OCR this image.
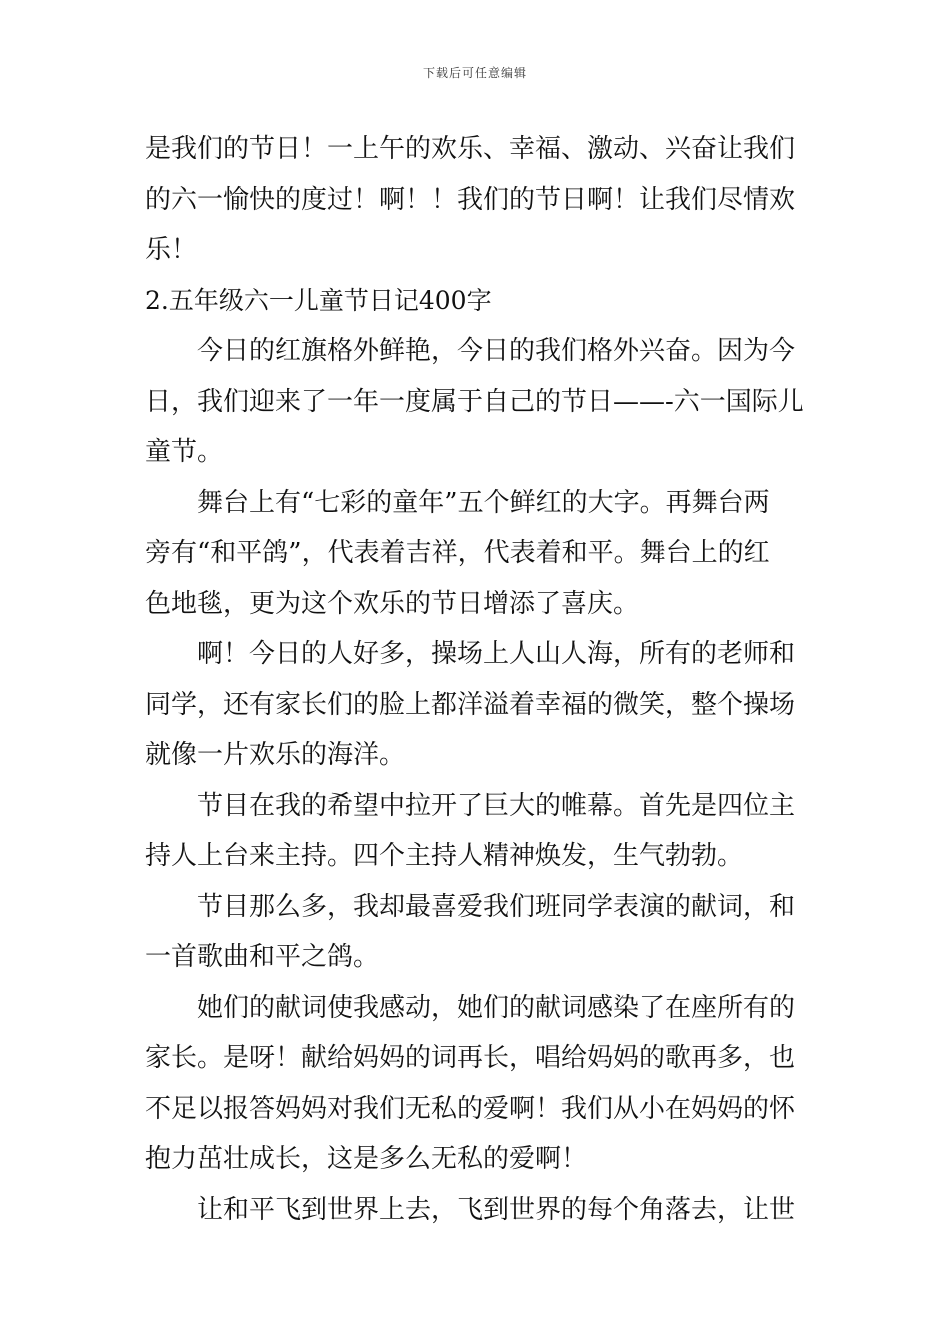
下载后可任意编辑
是我们的节日！一上午的欢乐、幸福、激动、兴奋让我们
的六一愉快的度过！啊！！我们的节日啊！让我们尽情欢
乐！
2.五年级六一儿童节日记400字
今日的红旗格外鲜艳，今日的我们格外兴奋。因为今
日，我们迎来了一年一度属于自己的节日——-六一国际儿
童节。
舞台上有“七彩的童年”五个鲜红的大字。再舞台两
旁有“和平鸽”，代表着吉祥，代表着和平。舞台上的红
色地毯，更为这个欢乐的节日增添了喜庆。
啊！今日的人好多，操场上人山人海，所有的老师和
同学，还有家长们的脸上都洋溢着幸福的微笑，整个操场
就像一片欢乐的海洋。
节目在我的希望中拉开了巨大的帷幕。首先是四位主
持人上台来主持。四个主持人精神焕发，生气勃勃。
节目那么多，我却最喜爱我们班同学表演的献词，和
一首歌曲和平之鸽。
她们的献词使我感动，她们的献词感染了在座所有的
家长。是呀！献给妈妈的词再长，唱给妈妈的歌再多，也
不足以报答妈妈对我们无私的爱啊！我们从小在妈妈的怀
抱力茁壮成长，这是多么无私的爱啊！
让和平飞到世界上去，飞到世界的每个角落去，让世
